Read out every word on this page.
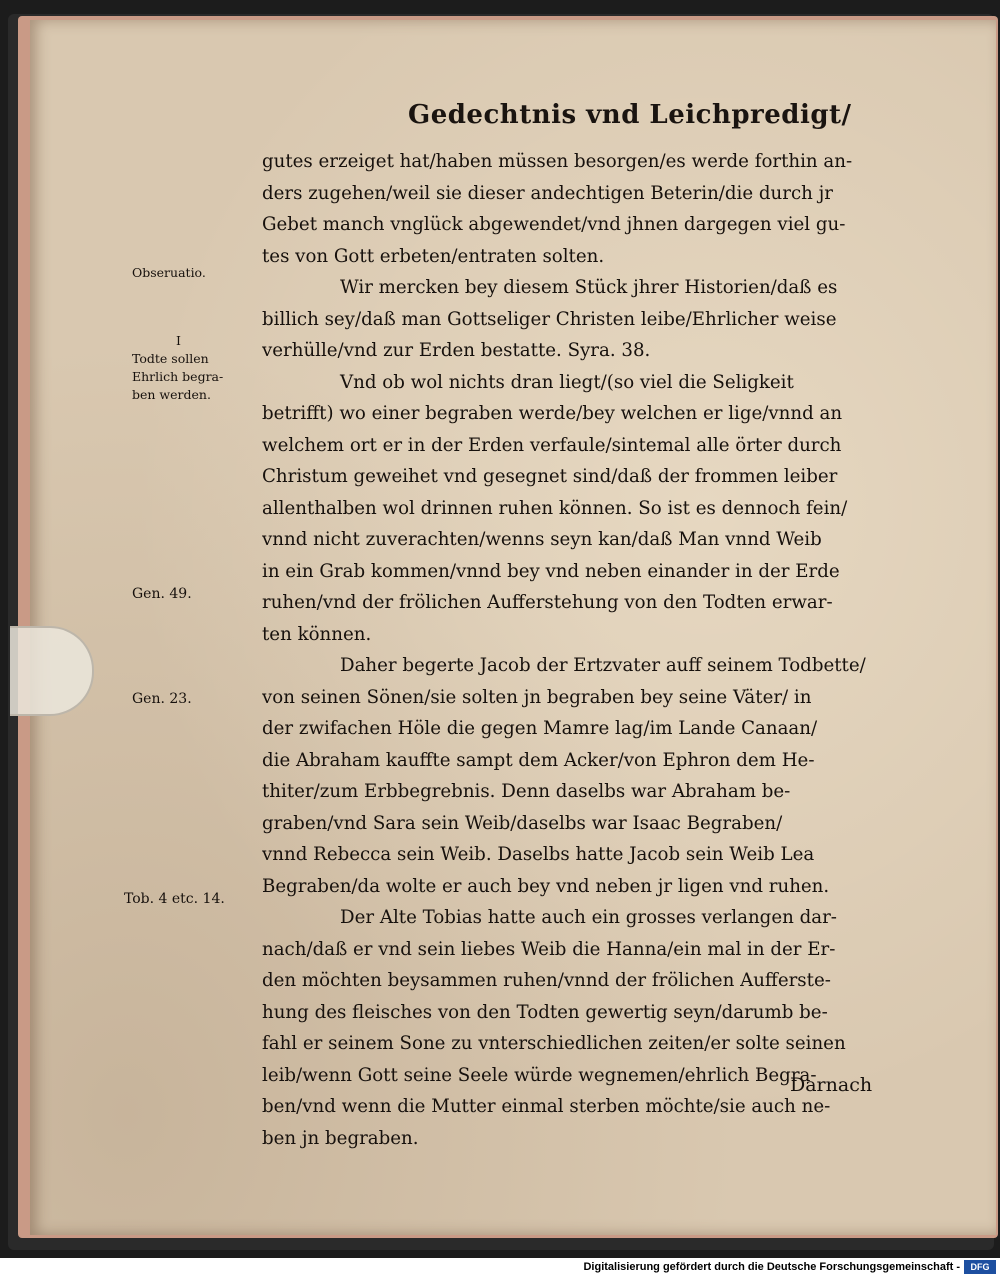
Gedechtnis vnd Leichpredigt/
gutes erzeiget hat/haben müssen besorgen/es werde forthin an-
ders zugehen/weil sie dieser andechtigen Beterin/die durch jr
Gebet manch vnglück abgewendet/vnd jhnen dargegen viel gu-
tes von Gott erbeten/entraten solten.
Wir mercken bey diesem Stück jhrer Historien/daß es
billich sey/daß man Gottseliger Christen leibe/Ehrlicher weise
verhülle/vnd zur Erden bestatte. Syra. 38.
Vnd ob wol nichts dran liegt/(so viel die Seligkeit
betrifft) wo einer begraben werde/bey welchen er lige/vnnd an
welchem ort er in der Erden verfaule/sintemal alle örter durch
Christum geweihet vnd gesegnet sind/daß der frommen leiber
allenthalben wol drinnen ruhen können. So ist es dennoch fein/
vnnd nicht zuverachten/wenns seyn kan/daß Man vnnd Weib
in ein Grab kommen/vnnd bey vnd neben einander in der Erde
ruhen/vnd der frölichen Aufferstehung von den Todten erwar-
ten können.
Daher begerte Jacob der Ertzvater auff seinem Todbette/
von seinen Sönen/sie solten jn begraben bey seine Väter/ in
der zwifachen Höle die gegen Mamre lag/im Lande Canaan/
die Abraham kauffte sampt dem Acker/von Ephron dem He-
thiter/zum Erbbegrebnis. Denn daselbs war Abraham be-
graben/vnd Sara sein Weib/daselbs war Isaac Begraben/
vnnd Rebecca sein Weib. Daselbs hatte Jacob sein Weib Lea
Begraben/da wolte er auch bey vnd neben jr ligen vnd ruhen.
Der Alte Tobias hatte auch ein grosses verlangen dar-
nach/daß er vnd sein liebes Weib die Hanna/ein mal in der Er-
den möchten beysammen ruhen/vnnd der frölichen Aufferste-
hung des fleisches von den Todten gewertig seyn/darumb be-
fahl er seinem Sone zu vnterschiedlichen zeiten/er solte seinen
leib/wenn Gott seine Seele würde wegnemen/ehrlich Begra-
ben/vnd wenn die Mutter einmal sterben möchte/sie auch ne-
ben jn begraben.
Obseruatio.
I
Todte sollen
Ehrlich begra-
ben werden.
Gen. 49.
Gen. 23.
Tob. 4 etc. 14.
Darnach
Digitalisierung gefördert durch die Deutsche Forschungsgemeinschaft -	DFG
